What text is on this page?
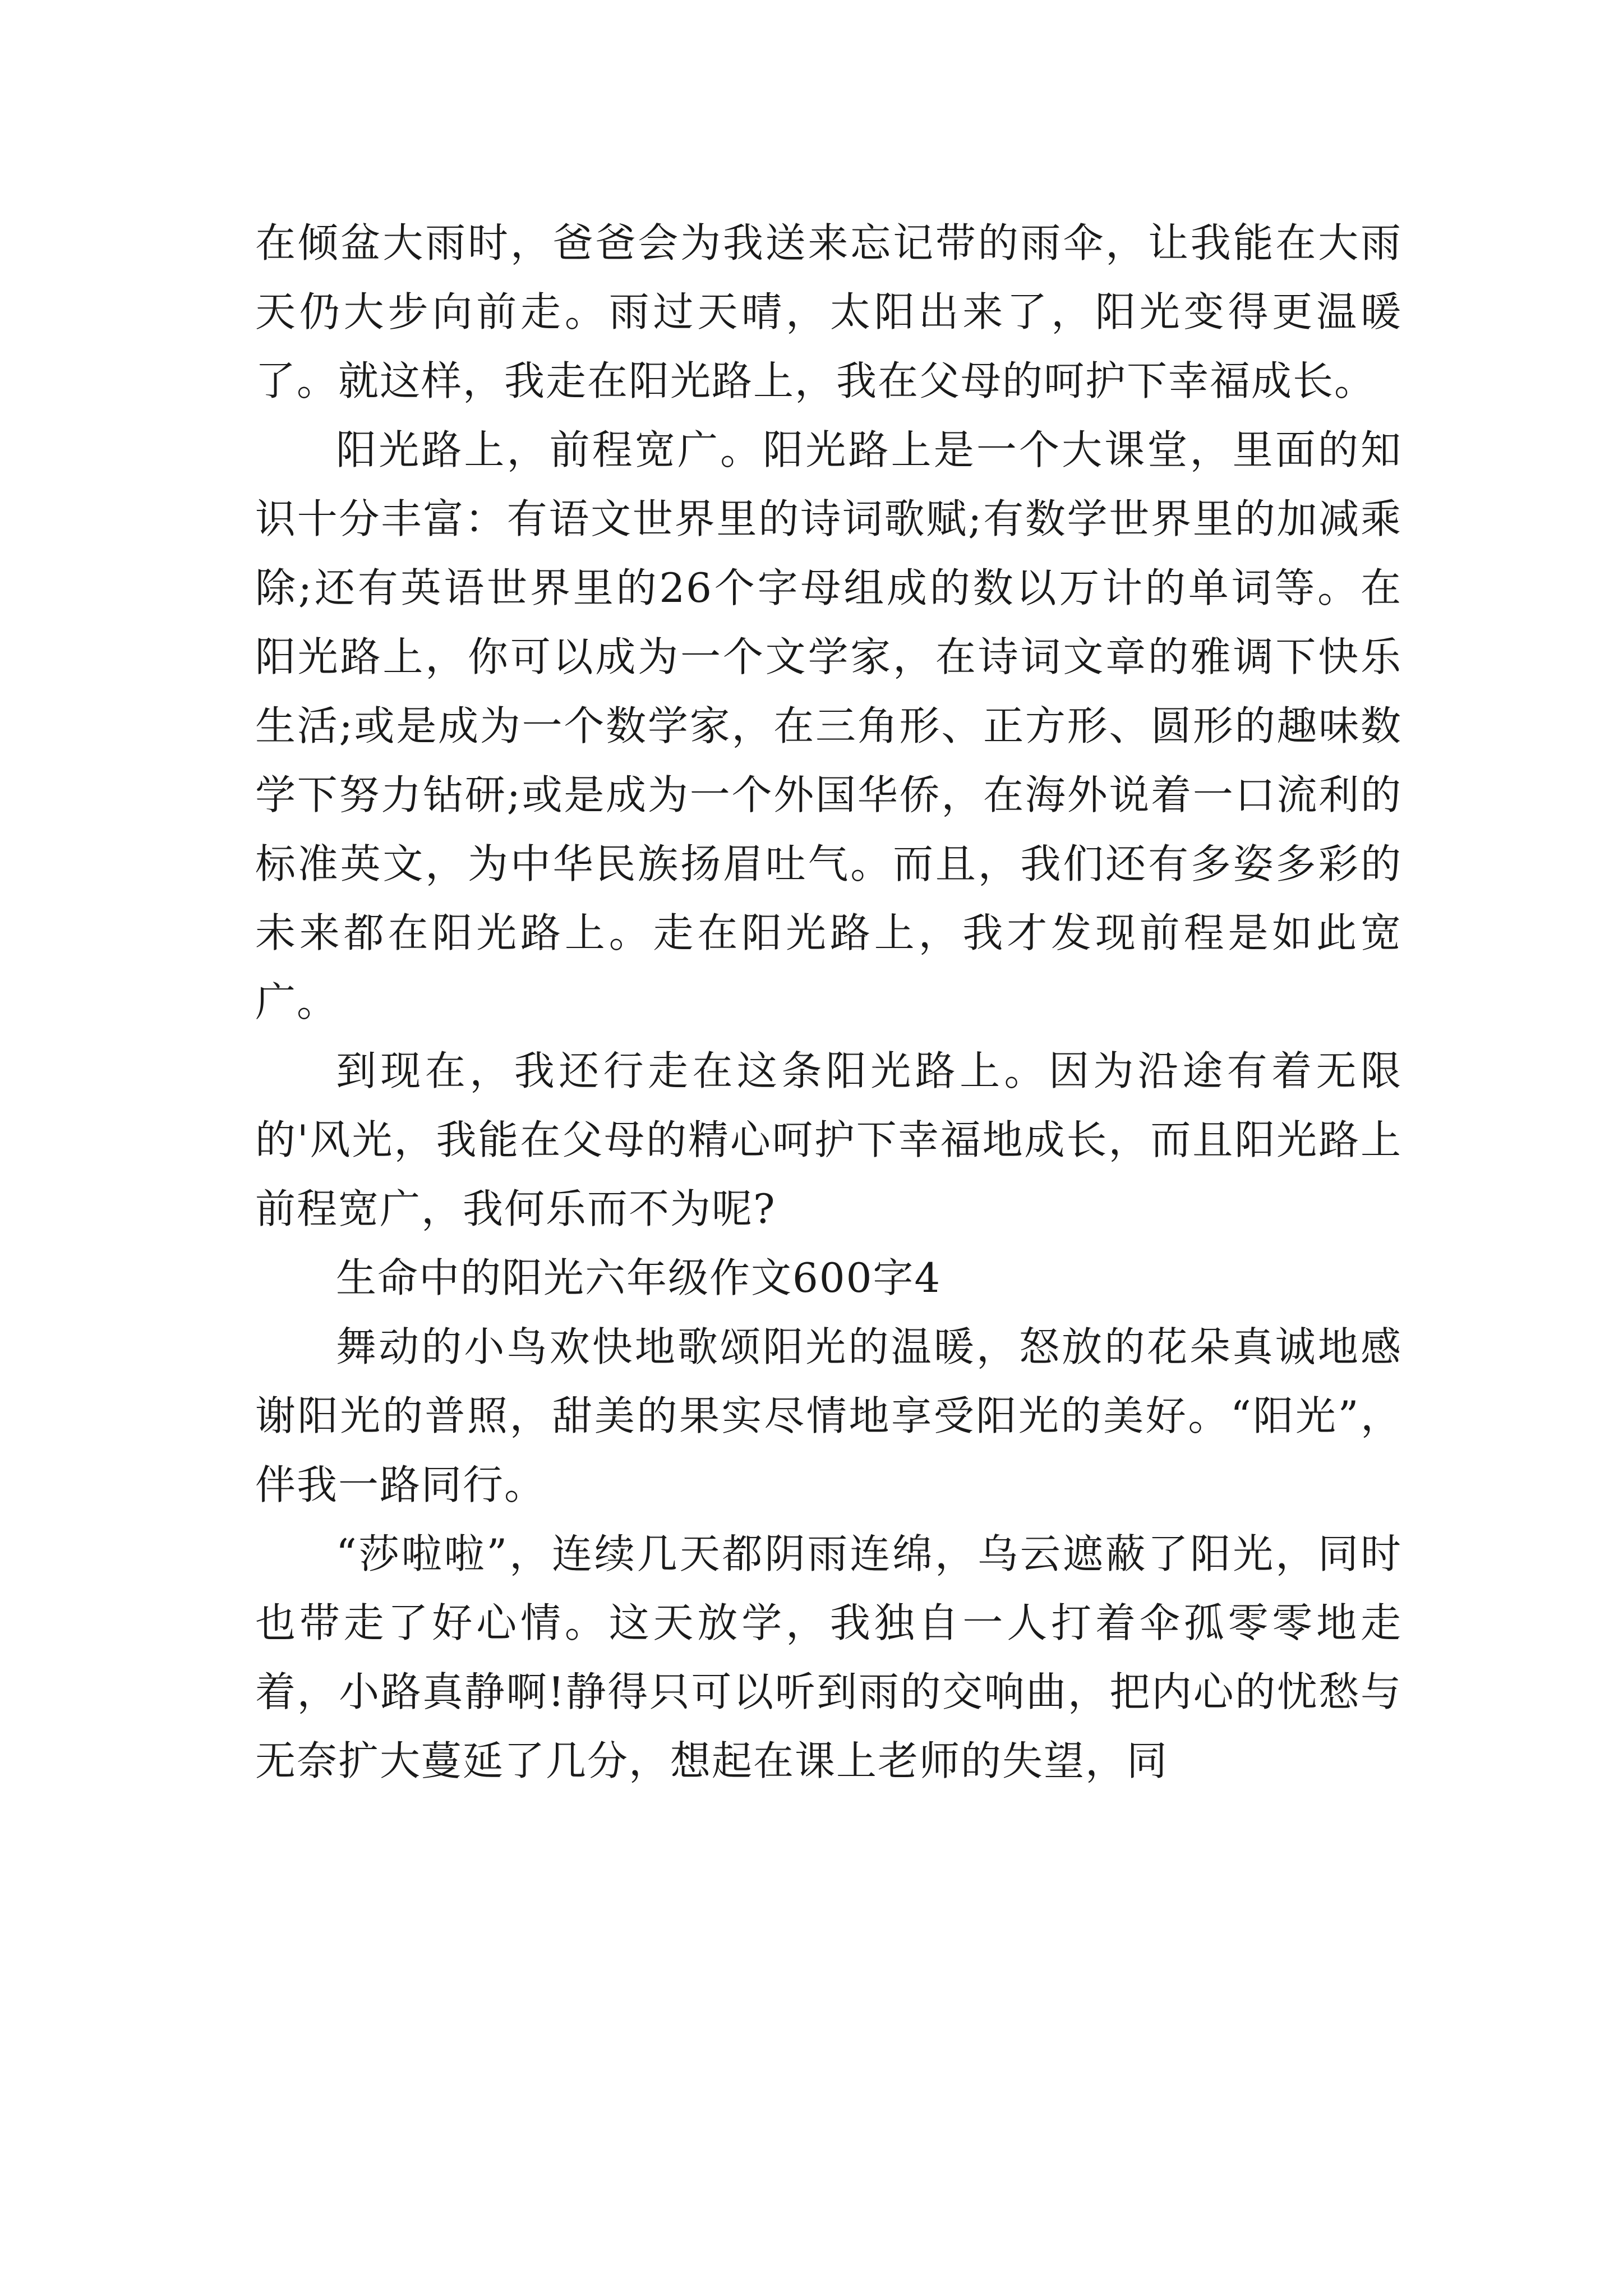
在倾盆大雨时，爸爸会为我送来忘记带的雨伞，让我能在大雨天仍大步向前走。雨过天晴，太阳出来了，阳光变得更温暖了。就这样，我走在阳光路上，我在父母的呵护下幸福成长。

阳光路上，前程宽广。阳光路上是一个大课堂，里面的知识十分丰富：有语文世界里的诗词歌赋;有数学世界里的加减乘除;还有英语世界里的26个字母组成的数以万计的单词等。在阳光路上，你可以成为一个文学家，在诗词文章的雅调下快乐生活;或是成为一个数学家，在三角形、正方形、圆形的趣味数学下努力钻研;或是成为一个外国华侨，在海外说着一口流利的标准英文，为中华民族扬眉吐气。而且，我们还有多姿多彩的未来都在阳光路上。走在阳光路上，我才发现前程是如此宽广。

到现在，我还行走在这条阳光路上。因为沿途有着无限的'风光，我能在父母的精心呵护下幸福地成长，而且阳光路上前程宽广，我何乐而不为呢?

生命中的阳光六年级作文600字4

舞动的小鸟欢快地歌颂阳光的温暖，怒放的花朵真诚地感谢阳光的普照，甜美的果实尽情地享受阳光的美好。“阳光”，伴我一路同行。

“莎啦啦”，连续几天都阴雨连绵，乌云遮蔽了阳光，同时也带走了好心情。这天放学，我独自一人打着伞孤零零地走着，小路真静啊!静得只可以听到雨的交响曲，把内心的忧愁与无奈扩大蔓延了几分，想起在课上老师的失望，同
